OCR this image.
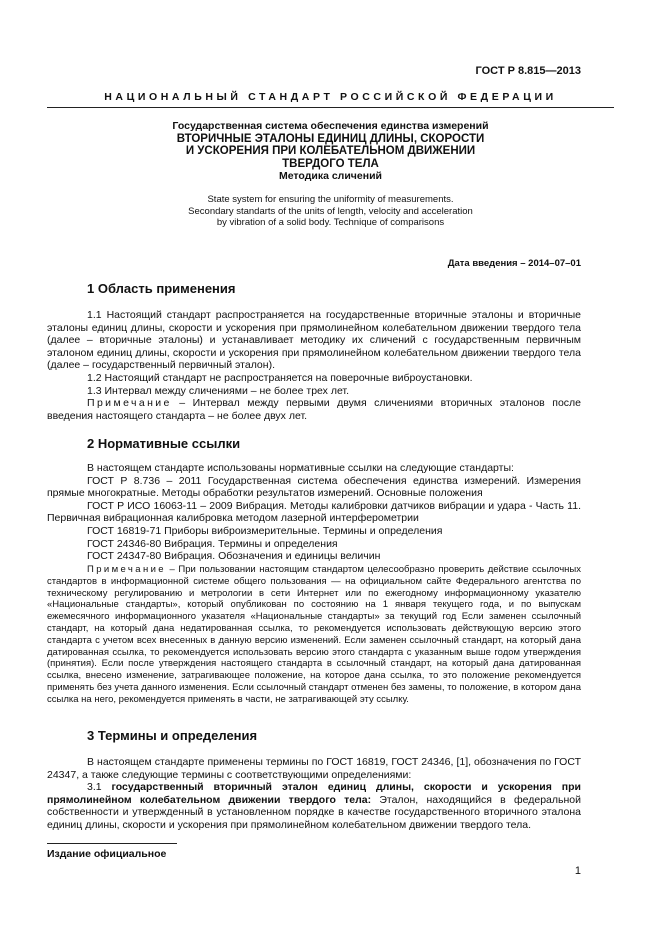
ГОСТ Р 8.815—2013
НАЦИОНАЛЬНЫЙ СТАНДАРТ РОССИЙСКОЙ ФЕДЕРАЦИИ
Государственная система обеспечения единства измерений
ВТОРИЧНЫЕ ЭТАЛОНЫ ЕДИНИЦ ДЛИНЫ, СКОРОСТИ
И УСКОРЕНИЯ ПРИ КОЛЕБАТЕЛЬНОМ ДВИЖЕНИИ
ТВЕРДОГО ТЕЛА
Методика сличений
State system for ensuring the uniformity of measurements.
Secondary standarts of the units of length, velocity and acceleration
by vibration of a solid body. Technique of comparisons
Дата введения – 2014–07–01
1 Область применения

1.1 Настоящий стандарт распространяется на государственные вторичные эталоны и вторичные эталоны единиц длины, скорости и ускорения при прямолинейном колебательном движении твердого тела (далее – вторичные эталоны) и устанавливает методику их сличений с государственным первичным эталоном единиц длины, скорости и ускорения при прямолинейном колебательном движении твердого тела (далее – государственный первичный эталон).

1.2 Настоящий стандарт не распространяется на поверочные виброустановки.

1.3 Интервал между сличениями – не более трех лет.

Примечание – Интервал между первыми двумя сличениями вторичных эталонов после введения настоящего стандарта – не более двух лет.

2 Нормативные ссылки

В настоящем стандарте использованы нормативные ссылки на следующие стандарты:

ГОСТ Р 8.736 – 2011 Государственная система обеспечения единства измерений. Измерения прямые многократные. Методы обработки результатов измерений. Основные положения

ГОСТ Р ИСО 16063-11 – 2009 Вибрация. Методы калибровки датчиков вибрации и удара - Часть 11. Первичная вибрационная калибровка методом лазерной интерферометрии

ГОСТ 16819-71 Приборы виброизмерительные. Термины и определения

ГОСТ 24346-80 Вибрация. Термины и определения

ГОСТ 24347-80 Вибрация. Обозначения и единицы величин

Примечание – При пользовании настоящим стандартом целесообразно проверить действие ссылочных стандартов в информационной системе общего пользования — на официальном сайте Федерального агентства по техническому регулированию и метрологии в сети Интернет или по ежегодному информационному указателю «Национальные стандарты», который опубликован по состоянию на 1 января текущего года, и по выпускам ежемесячного информационного указателя «Национальные стандарты» за текущий год Если заменен ссылочный стандарт, на который дана недатированная ссылка, то рекомендуется использовать действующую версию этого стандарта с учетом всех внесенных в данную версию изменений. Если заменен ссылочный стандарт, на который дана датированная ссылка, то рекомендуется использовать версию этого стандарта с указанным выше годом утверждения (принятия). Если после утверждения настоящего стандарта в ссылочный стандарт, на который дана датированная ссылка, внесено изменение, затрагивающее положение, на которое дана ссылка, то это положение рекомендуется применять без учета данного изменения. Если ссылочный стандарт отменен без замены, то положение, в котором дана ссылка на него, рекомендуется применять в части, не затрагивающей эту ссылку.

3 Термины и определения

В настоящем стандарте применены термины по ГОСТ 16819, ГОСТ 24346, [1], обозначения по ГОСТ 24347, а также следующие термины с соответствующими определениями:

3.1 государственный вторичный эталон единиц длины, скорости и ускорения при прямолинейном колебательном движении твердого тела: Эталон, находящийся в федеральной собственности и утвержденный в установленном порядке в качестве государственного вторичного эталона единиц длины, скорости и ускорения при прямолинейном колебательном движении твердого тела.

Издание официальное
1
